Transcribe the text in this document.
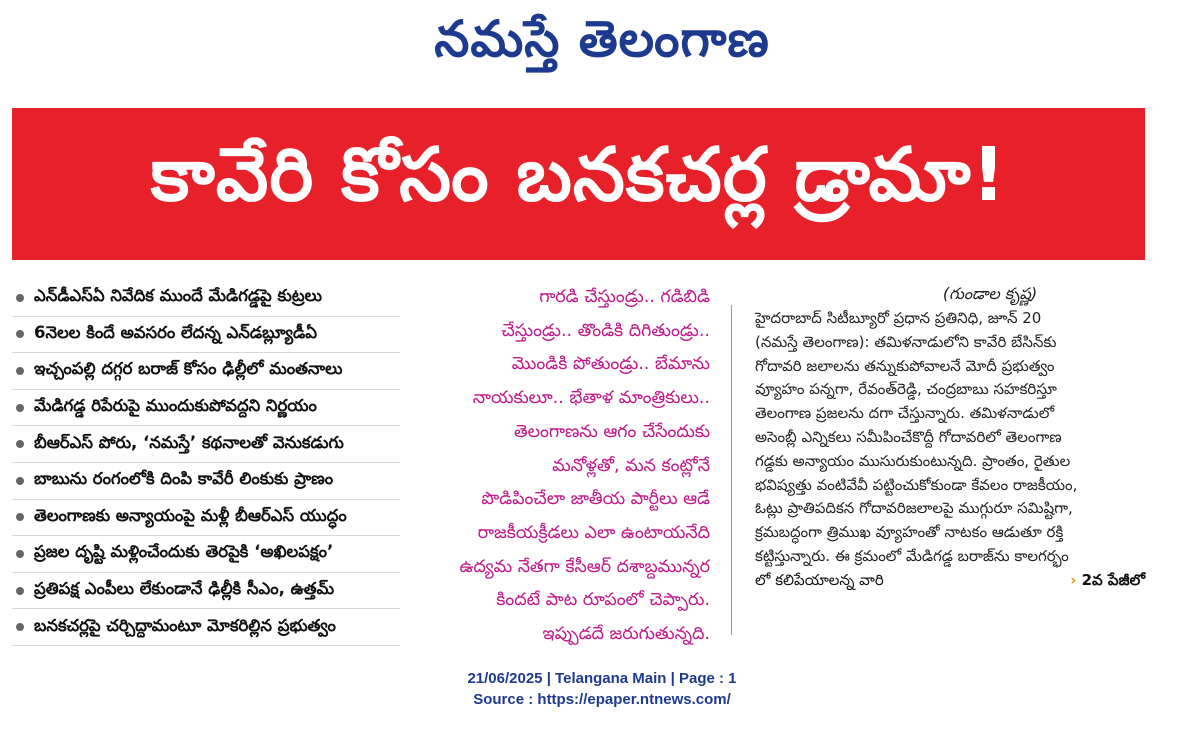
నమస్తే తెలంగాణ
కావేరి కోసం బనకచర్ల డ్రామా!
ఎన్‌డీఎస్‌ఏ నివేదిక ముందే మేడిగడ్డపై కుట్రలు
6నెలల కిందే అవసరం లేదన్న ఎన్‌డబ్ల్యూడీఏ
ఇచ్చంపల్లి దగ్గర బరాజ్ కోసం ఢిల్లీలో మంతనాలు
మేడిగడ్డ రిపేరుపై ముందుకుపోవద్దని నిర్ణయం
బీఆర్‌ఎస్ పోరు, ‘నమస్తే’ కథనాలతో వెనుకడుగు
బాబును రంగంలోకి దింపి కావేరీ లింకుకు ప్రాణం
తెలంగాణకు అన్యాయంపై మళ్లీ బీఆర్‌ఎస్ యుద్ధం
ప్రజల దృష్టి మళ్లించేందుకు తెరపైకి ‘అఖిలపక్షం’
ప్రతిపక్ష ఎంపీలు లేకుండానే ఢిల్లీకి సీఎం, ఉత్తమ్
బనకచర్లపై చర్చిద్దామంటూ మోకరిల్లిన ప్రభుత్వం
గారడి చేస్తుండ్రు.. గడిబిడి
చేస్తుండ్రు.. తొండికి దిగితుండ్రు..
మొండికి పోతుండ్రు.. బేమాను
నాయకులూ.. భేతాళ మాంత్రికులు..
తెలంగాణను ఆగం చేసేందుకు
మనోళ్లతో, మన కంట్లోనే
పొడిపించేలా జాతీయ పార్టీలు ఆడే
రాజకీయక్రీడలు ఎలా ఉంటాయనేది
ఉద్యమ నేతగా కేసీఆర్ దశాబ్దమున్నర
కిందటే పాట రూపంలో చెప్పారు.
ఇప్పుడదే జరుగుతున్నది.
(గుండాల కృష్ణ)
హైదరాబాద్ సిటీబ్యూరో ప్రధాన ప్రతినిధి, జూన్ 20
(నమస్తే తెలంగాణ): తమిళనాడులోని కావేరి బేసిన్‌కు
గోదావరి జలాలను తన్నుకుపోవాలనే మోదీ ప్రభుత్వం
వ్యూహం పన్నగా, రేవంత్‌రెడ్డి, చంద్రబాబు సహకరిస్తూ
తెలంగాణ ప్రజలను దగా చేస్తున్నారు. తమిళనాడులో
అసెంబ్లీ ఎన్నికలు సమీపించేకొద్దీ గోదావరిలో తెలంగాణ
గడ్డకు అన్యాయం ముసురుకుంటున్నది. ప్రాంతం, రైతుల
భవిష్యత్తు వంటివేవీ పట్టించుకోకుండా కేవలం రాజకీయం,
ఓట్లు ప్రాతిపదికన గోదావరిజలాలపై ముగ్గురూ సమిష్టిగా,
క్రమబద్ధంగా త్రిముఖ వ్యూహంతో నాటకం ఆడుతూ రక్తి
కట్టిస్తున్నారు. ఈ క్రమంలో మేడిగడ్డ బరాజ్‌ను కాలగర్భం
లో కలిపేయాలన్న వారి	› 2వ పేజీలో
21/06/2025 | Telangana Main | Page : 1
Source : https://epaper.ntnews.com/
